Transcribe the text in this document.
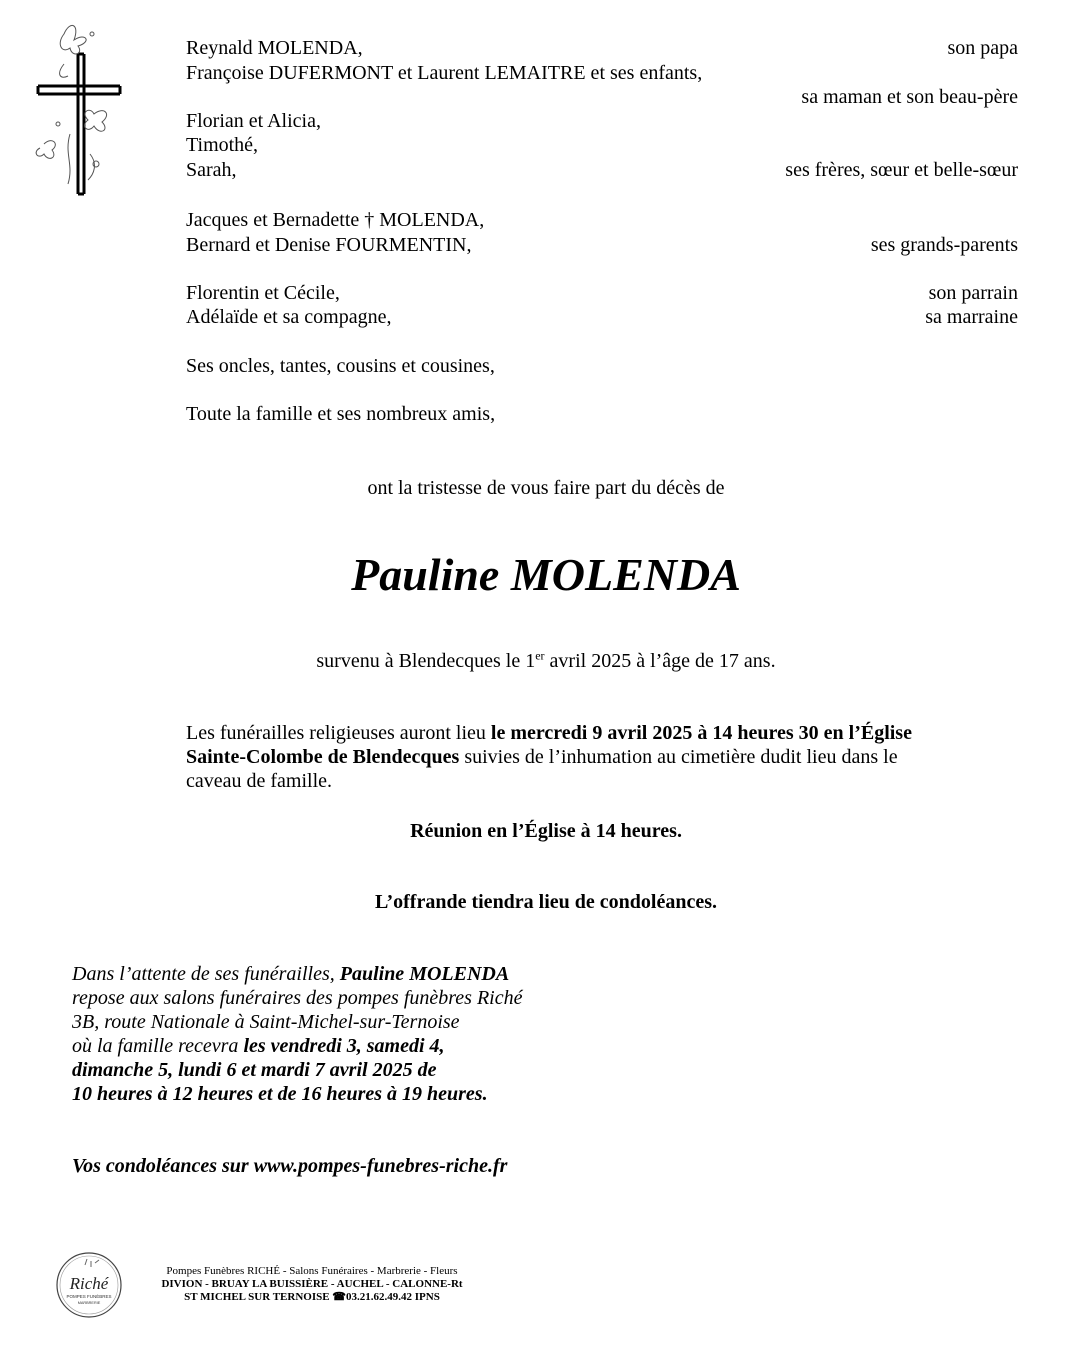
Reynald MOLENDA,	son papa
Françoise DUFERMONT et Laurent LEMAITRE et ses enfants,
sa maman et son beau-père
Florian et Alicia,
Timothé,
Sarah,	ses frères, sœur et belle-sœur
Jacques et Bernadette † MOLENDA,
Bernard et Denise FOURMENTIN,	ses grands-parents
Florentin et Cécile,	son parrain
Adélaïde et sa compagne,	sa marraine
Ses oncles, tantes, cousins et cousines,
Toute la famille et ses nombreux amis,
ont la tristesse de vous faire part du décès de
Pauline MOLENDA
survenu à Blendecques le 1er avril 2025 à l’âge de 17 ans.
Les funérailles religieuses auront lieu le mercredi 9 avril 2025 à 14 heures 30 en l’Église Sainte-Colombe de Blendecques suivies de l’inhumation au cimetière dudit lieu dans le caveau de famille.
Réunion en l’Église à 14 heures.
L’offrande tiendra lieu de condoléances.
Dans l’attente de ses funérailles, Pauline MOLENDA
repose aux salons funéraires des pompes funèbres Riché
3B, route Nationale à Saint-Michel-sur-Ternoise
où la famille recevra les vendredi 3, samedi 4,
dimanche 5, lundi 6 et mardi 7 avril 2025 de
10 heures à 12 heures et de 16 heures à 19 heures.
Vos condoléances sur www.pompes-funebres-riche.fr
Riché
POMPES FUNÈBRES
MARBRERIE
Pompes Funèbres RICHÉ - Salons Funéraires - Marbrerie - Fleurs
DIVION - BRUAY LA BUISSIÈRE - AUCHEL - CALONNE-Rt
ST MICHEL SUR TERNOISE ☎03.21.62.49.42 IPNS
